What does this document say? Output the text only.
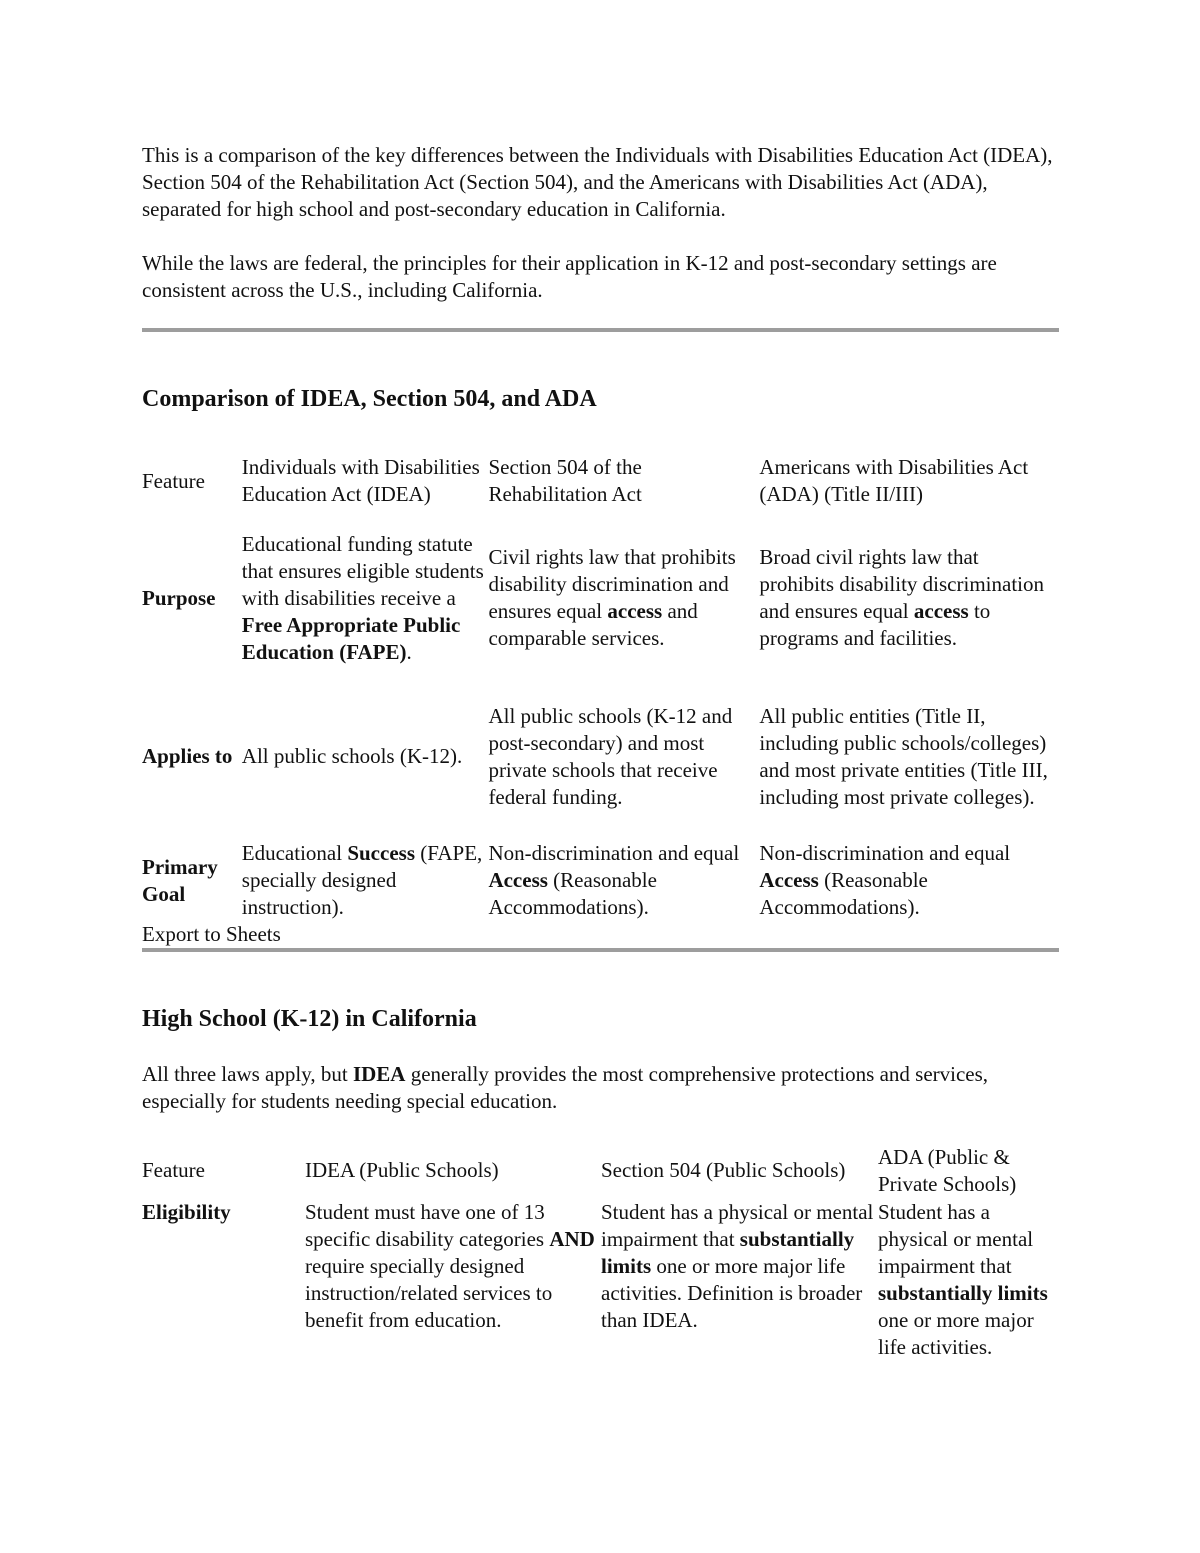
This is a comparison of the key differences between the Individuals with Disabilities Education Act (IDEA), Section 504 of the Rehabilitation Act (Section 504), and the Americans with Disabilities Act (ADA), separated for high school and post-secondary education in California.

While the laws are federal, the principles for their application in K-12 and post-secondary settings are consistent across the U.S., including California.

Comparison of IDEA, Section 504, and ADA
Feature	Individuals with Disabilities Education Act (IDEA)	Section 504 of the Rehabilitation Act	Americans with Disabilities Act (ADA) (Title II/III)
Purpose	Educational funding statute that ensures eligible students with disabilities receive a Free Appropriate Public Education (FAPE).	Civil rights law that prohibits disability discrimination and ensures equal access and comparable services.	Broad civil rights law that prohibits disability discrimination and ensures equal access to programs and facilities.
Applies to	All public schools (K-12).	All public schools (K-12 and post-secondary) and most private schools that receive federal funding.	All public entities (Title II, including public schools/colleges) and most private entities (Title III, including most private colleges).
Primary Goal	Educational Success (FAPE, specially designed instruction).	Non-discrimination and equal Access (Reasonable Accommodations).	Non-discrimination and equal Access (Reasonable Accommodations).
Export to Sheets
High School (K-12) in California

All three laws apply, but IDEA generally provides the most comprehensive protections and services, especially for students needing special education.

Feature	IDEA (Public Schools)	Section 504 (Public Schools)	ADA (Public & Private Schools)
Eligibility	Student must have one of 13 specific disability categories AND require specially designed instruction/related services to benefit from education.	Student has a physical or mental impairment that substantially limits one or more major life activities. Definition is broader than IDEA.	Student has a physical or mental impairment that substantially limits one or more major life activities.
